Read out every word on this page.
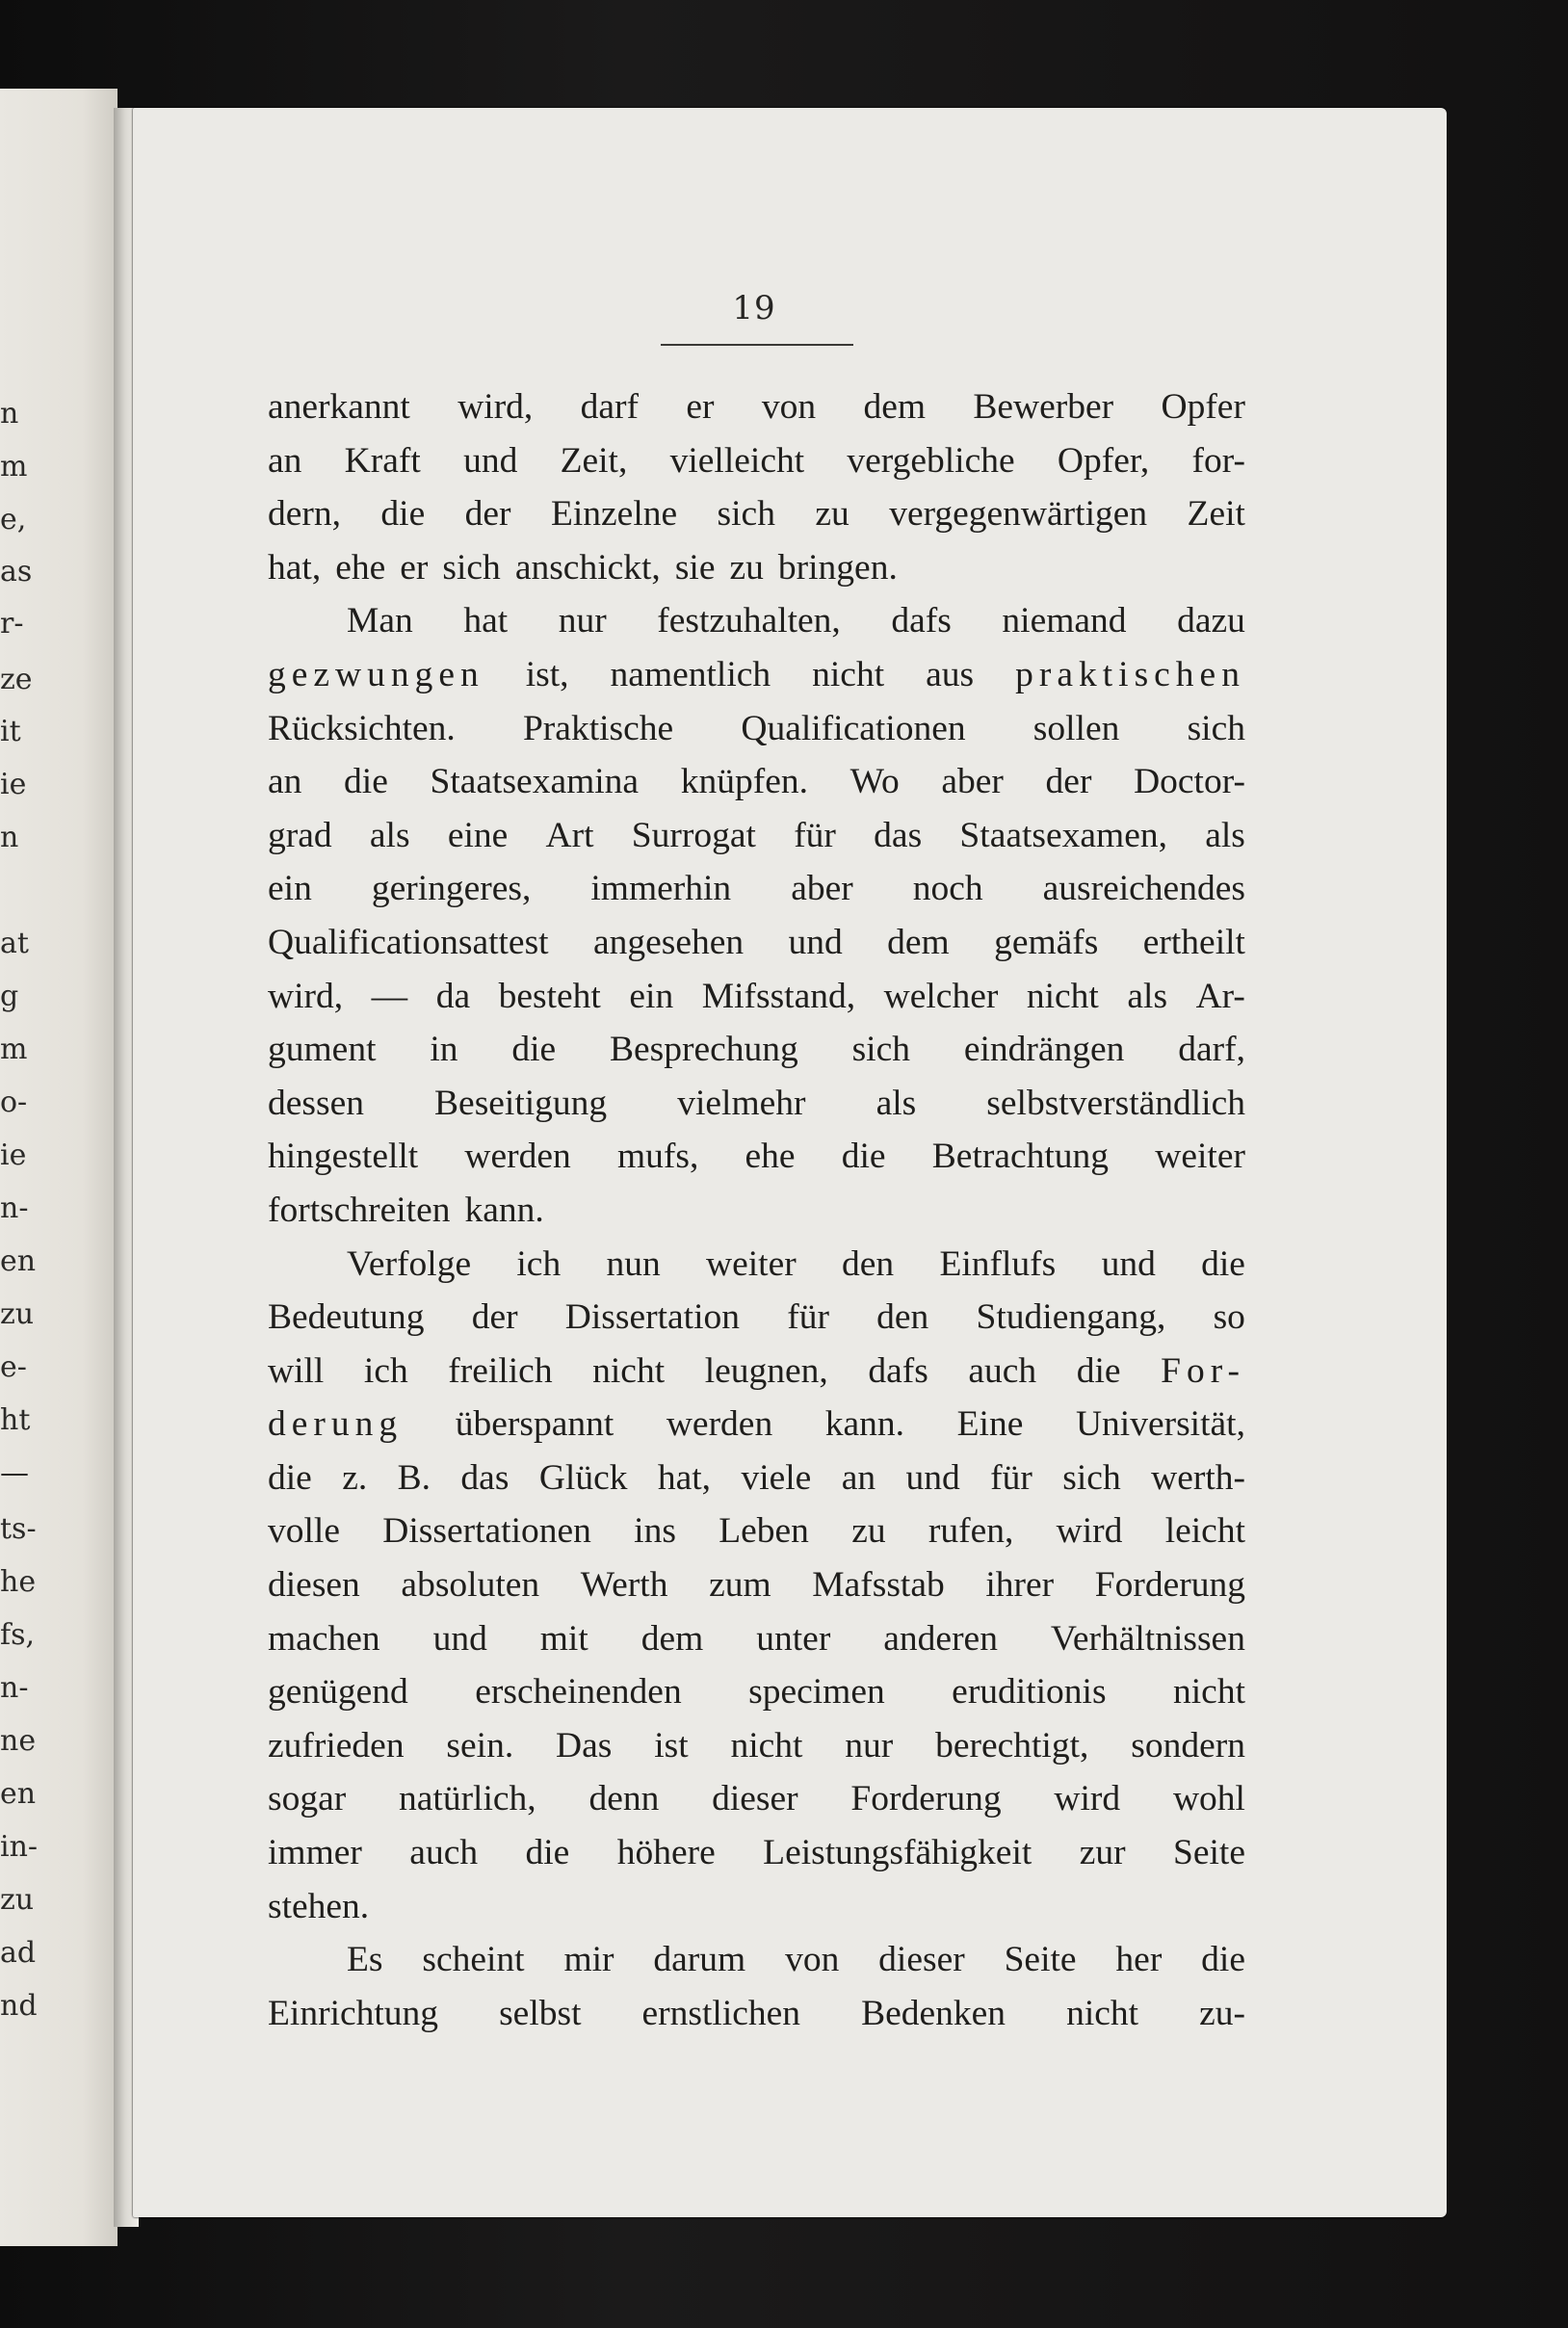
n
m
e,
as
r-
ze
it
ie
n
at
g
m
o-
ie
n-
en
zu
e-
ht
—
ts-
he
fs,
n-
ne
en
in-
zu
ad
nd
19
anerkannt wird, darf er von dem Bewerber Opfer
an Kraft und Zeit, vielleicht vergebliche Opfer, for-
dern, die der Einzelne sich zu vergegenwärtigen Zeit
hat, ehe er sich anschickt, sie zu bringen.
Man hat nur festzuhalten, dafs niemand dazu
gezwungen ist, namentlich nicht aus praktischen
Rücksichten. Praktische Qualificationen sollen sich
an die Staatsexamina knüpfen. Wo aber der Doctor-
grad als eine Art Surrogat für das Staatsexamen, als
ein geringeres, immerhin aber noch ausreichendes
Qualificationsattest angesehen und dem gemäfs ertheilt
wird, — da besteht ein Mifsstand, welcher nicht als Ar-
gument in die Besprechung sich eindrängen darf,
dessen Beseitigung vielmehr als selbstverständlich
hingestellt werden mufs, ehe die Betrachtung weiter
fortschreiten kann.
Verfolge ich nun weiter den Einflufs und die
Bedeutung der Dissertation für den Studiengang, so
will ich freilich nicht leugnen, dafs auch die For-
derung überspannt werden kann. Eine Universität,
die z. B. das Glück hat, viele an und für sich werth-
volle Dissertationen ins Leben zu rufen, wird leicht
diesen absoluten Werth zum Mafsstab ihrer Forderung
machen und mit dem unter anderen Verhältnissen
genügend erscheinenden specimen eruditionis nicht
zufrieden sein. Das ist nicht nur berechtigt, sondern
sogar natürlich, denn dieser Forderung wird wohl
immer auch die höhere Leistungsfähigkeit zur Seite
stehen.
Es scheint mir darum von dieser Seite her die
Einrichtung selbst ernstlichen Bedenken nicht zu-
